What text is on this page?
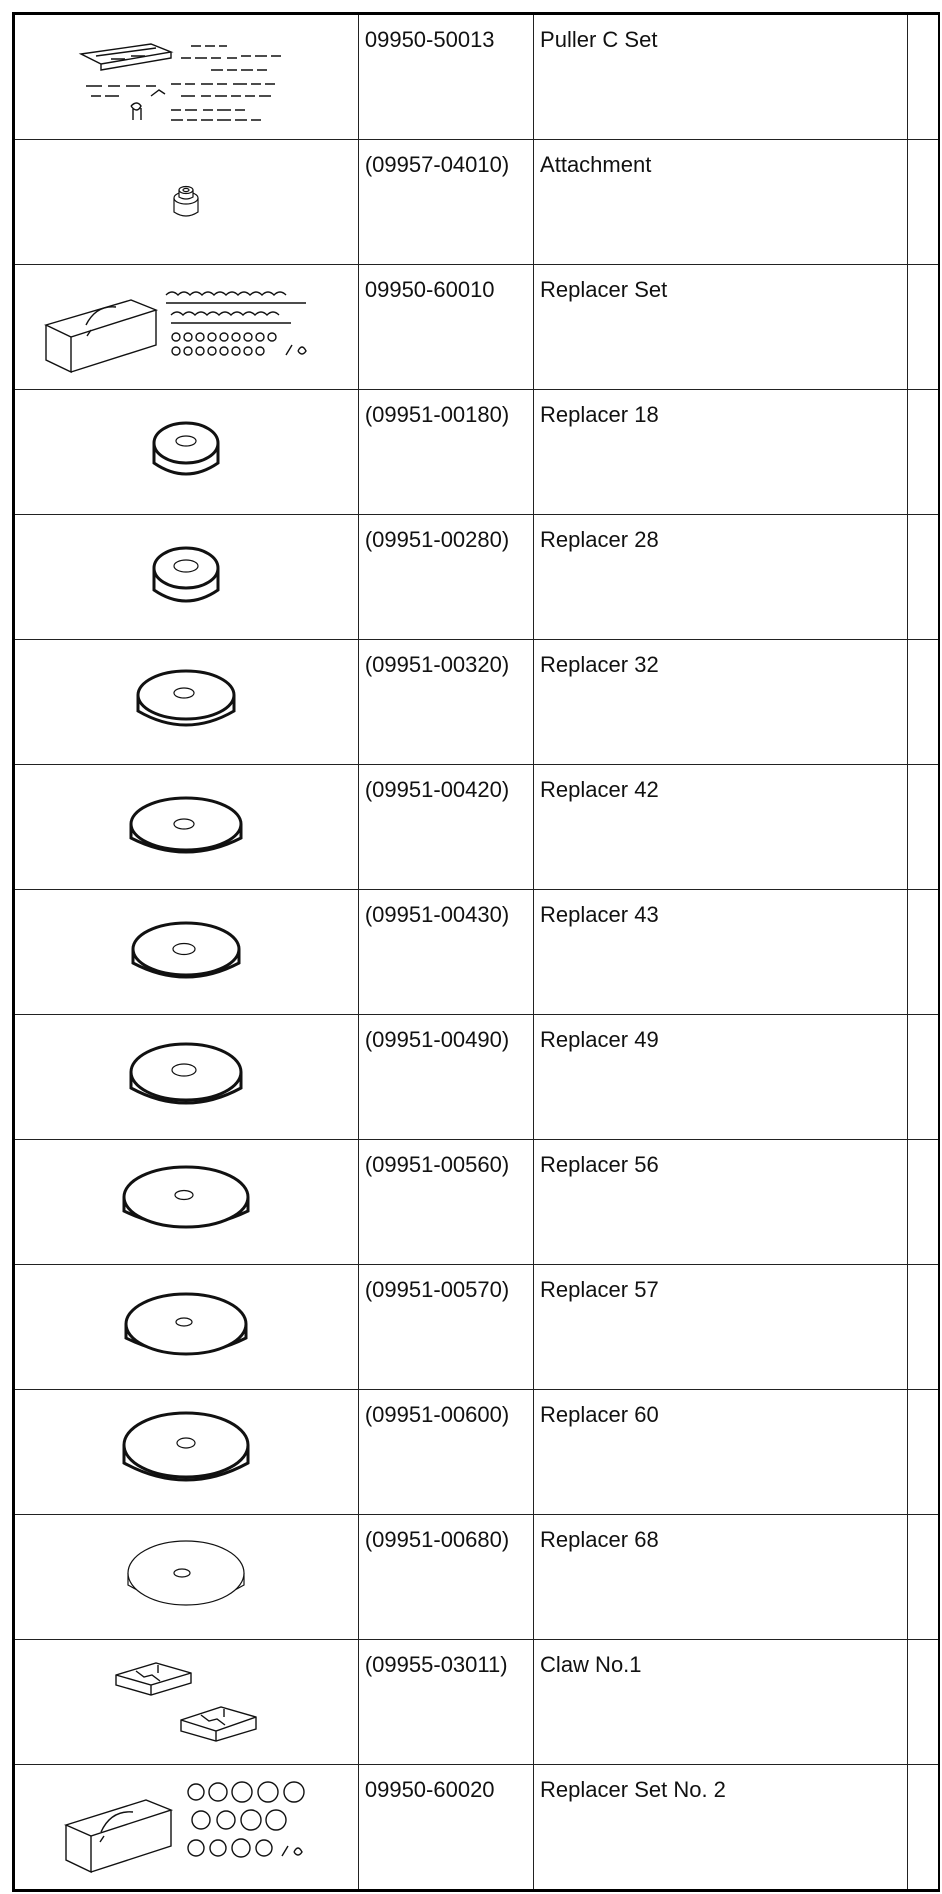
09950-50013	Puller C Set	

(09957-04010)	Attachment	

09950-60010	Replacer Set	

(09951-00180)	Replacer 18	

(09951-00280)	Replacer 28	

(09951-00320)	Replacer 32	

(09951-00420)	Replacer 42	

(09951-00430)	Replacer 43	

(09951-00490)	Replacer 49	

(09951-00560)	Replacer 56	

(09951-00570)	Replacer 57	

(09951-00600)	Replacer 60	

(09951-00680)	Replacer 68	

(09955-03011)	Claw No.1	

09950-60020	Replacer Set No. 2	
